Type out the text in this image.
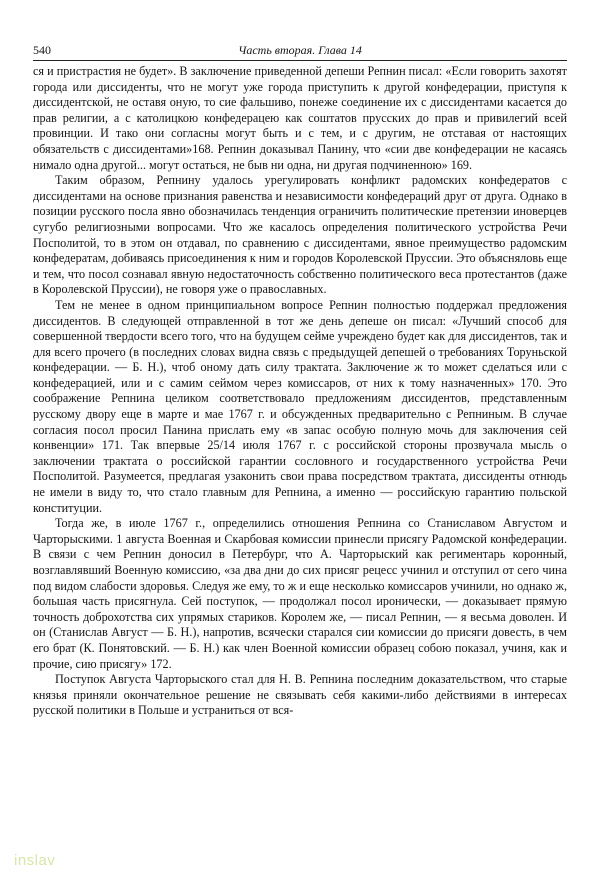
540	Часть вторая. Глава 14

ся и пристрастия не будет». В заключение приведенной депеши Репнин писал: «Если говорить захотят города или диссиденты, что не могут уже города приступить к другой конфедерации, приступя к диссидентской, не оставя оную, то сие фальшиво, понеже соединение их с диссидентами касается до прав религии, а с католицкою конфедерацею как соштатов прусских до прав и привилегий всей провинции. И тако они согласны могут быть и с тем, и с другим, не отставая от настоящих обязательств с диссидентами»168. Репнин доказывал Панину, что «сии две конфедерации не касаясь нимало одна другой... могут остаться, не быв ни одна, ни другая подчиненною» 169.

Таким образом, Репнину удалось урегулировать конфликт радомских конфедератов с диссидентами на основе признания равенства и независимости конфедераций друг от друга. Однако в позиции русского посла явно обозначилась тенденция ограничить политические претензии иноверцев сугубо религиозными вопросами. Что же касалось определения политического устройства Речи Посполитой, то в этом он отдавал, по сравнению с диссидентами, явное преимущество радомским конфедератам, добиваясь присоединения к ним и городов Королевской Пруссии. Это объясняловь еще и тем, что посол сознавал явную недостаточность собственно политического веса протестантов (даже в Королевской Пруссии), не говоря уже о православных.

Тем не менее в одном принципиальном вопросе Репнин полностью поддержал предложения диссидентов. В следующей отправленной в тот же день депеше он писал: «Лучший способ для совершенной твердости всего того, что на будущем сейме учреждено будет как для диссидентов, так и для всего прочего (в последних словах видна связь с предыдущей депешей о требованиях Торуньской конфедерации. — Б. Н.), чтоб оному дать силу трактата. Заключение ж то может сделаться или с конфедерацией, или и с самим сеймом через комиссаров, от них к тому назначенных» 170. Это соображение Репнина целиком соответствовало предложениям диссидентов, представленным русскому двору еще в марте и мае 1767 г. и обсужденных предварительно с Репниным. В случае согласия посол просил Панина прислать ему «в запас особую полную мочь для заключения сей конвенции» 171. Так впервые 25/14 июля 1767 г. с российской стороны прозвучала мысль о заключении трактата о российской гарантии сословного и государственного устройства Речи Посполитой. Разумеется, предлагая узаконить свои права посредством трактата, диссиденты отнюдь не имели в виду то, что стало главным для Репнина, а именно — российскую гарантию польской конституции.

Тогда же, в июле 1767 г., определились отношения Репнина со Станиславом Августом и Чарторыскими. 1 августа Военная и Скарбовая комиссии принесли присягу Радомской конфедерации. В связи с чем Репнин доносил в Петербург, что А. Чарторыский как региментарь коронный, возглавлявший Военную комиссию, «за два дни до сих присяг рецесс учинил и отступил от сего чина под видом слабости здоровья. Следуя же ему, то ж и еще несколько комиссаров учинили, но однако ж, большая часть присягнула. Сей поступок, — продолжал посол иронически, — доказывает прямую точность доброхотства сих упрямых стариков. Королем же, — писал Репнин, — я весьма доволен. И он (Станислав Август — Б. Н.), напротив, всячески старался сии комиссии до присяги довесть, в чем его брат (К. Понятовский. — Б. Н.) как член Военной комиссии образец собою показал, учиня, как и прочие, сию присягу» 172.

Поступок Августа Чарторыского стал для Н. В. Репнина последним доказательством, что старые князья приняли окончательное решение не связывать себя какими-либо действиями в интересах русской политики в Польше и устраниться от вся-

inslav
